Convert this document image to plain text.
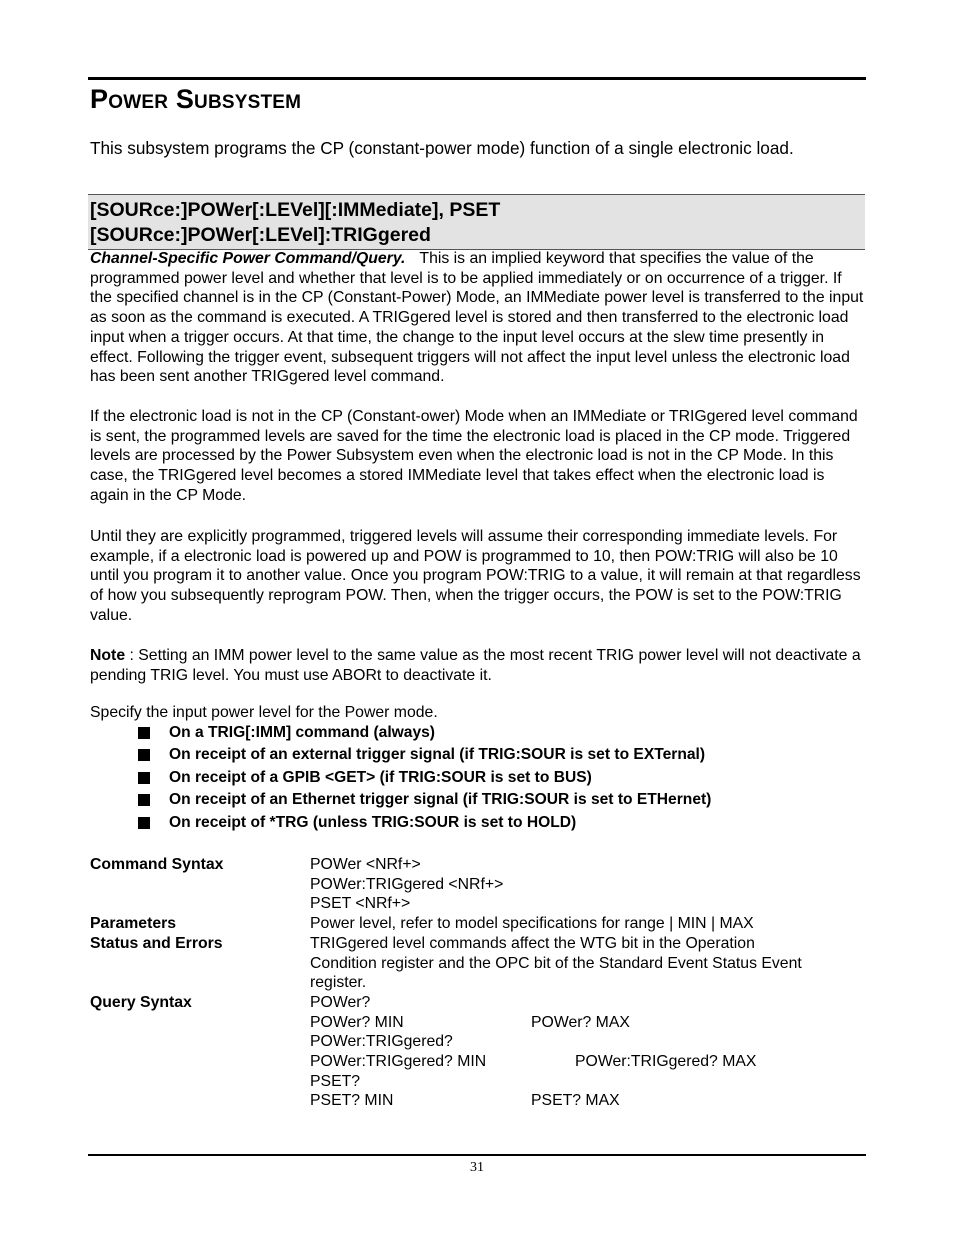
Power Subsystem

This subsystem programs the CP (constant-power mode) function of a single electronic load.

[SOURce:]POWer[:LEVel][:IMMediate], PSET
[SOURce:]POWer[:LEVel]:TRIGgered

Channel-Specific Power Command/Query. This is an implied keyword that specifies the value of the programmed power level and whether that level is to be applied immediately or on occurrence of a trigger. If the specified channel is in the CP (Constant-Power) Mode, an IMMediate power level is transferred to the input as soon as the command is executed. A TRIGgered level is stored and then transferred to the electronic load input when a trigger occurs. At that time, the change to the input level occurs at the slew time presently in effect. Following the trigger event, subsequent triggers will not affect the input level unless the electronic load has been sent another TRIGgered level command.

If the electronic load is not in the CP (Constant-ower) Mode when an IMMediate or TRIGgered level command is sent, the programmed levels are saved for the time the electronic load is placed in the CP mode. Triggered levels are processed by the Power Subsystem even when the electronic load is not in the CP Mode. In this case, the TRIGgered level becomes a stored IMMediate level that takes effect when the electronic load is again in the CP Mode.

Until they are explicitly programmed, triggered levels will assume their corresponding immediate levels. For example, if a electronic load is powered up and POW is programmed to 10, then POW:TRIG will also be 10 until you program it to another value. Once you program POW:TRIG to a value, it will remain at that regardless of how you subsequently reprogram POW. Then, when the trigger occurs, the POW is set to the POW:TRIG value.

Note : Setting an IMM power level to the same value as the most recent TRIG power level will not deactivate a pending TRIG level. You must use ABORt to deactivate it.

Specify the input power level for the Power mode.

On a TRIG[:IMM] command (always)
On receipt of an external trigger signal (if TRIG:SOUR is set to EXTernal)
On receipt of a GPIB <GET> (if TRIG:SOUR is set to BUS)
On receipt of an Ethernet trigger signal (if TRIG:SOUR is set to ETHernet)
On receipt of *TRG (unless TRIG:SOUR is set to HOLD)
Command Syntax	POWer <NRf+>
POWer:TRIGgered <NRf+>
PSET <NRf+>
Parameters	Power level, refer to model specifications for range | MIN | MAX
Status and Errors	TRIGgered level commands affect the WTG bit in the Operation
Condition register and the OPC bit of the Standard Event Status Event
register.
Query Syntax	POWer?
POWer? MIN	POWer? MAX
POWer:TRIGgered?
POWer:TRIGgered? MIN	POWer:TRIGgered? MAX
PSET?
PSET? MIN	PSET? MAX
31
